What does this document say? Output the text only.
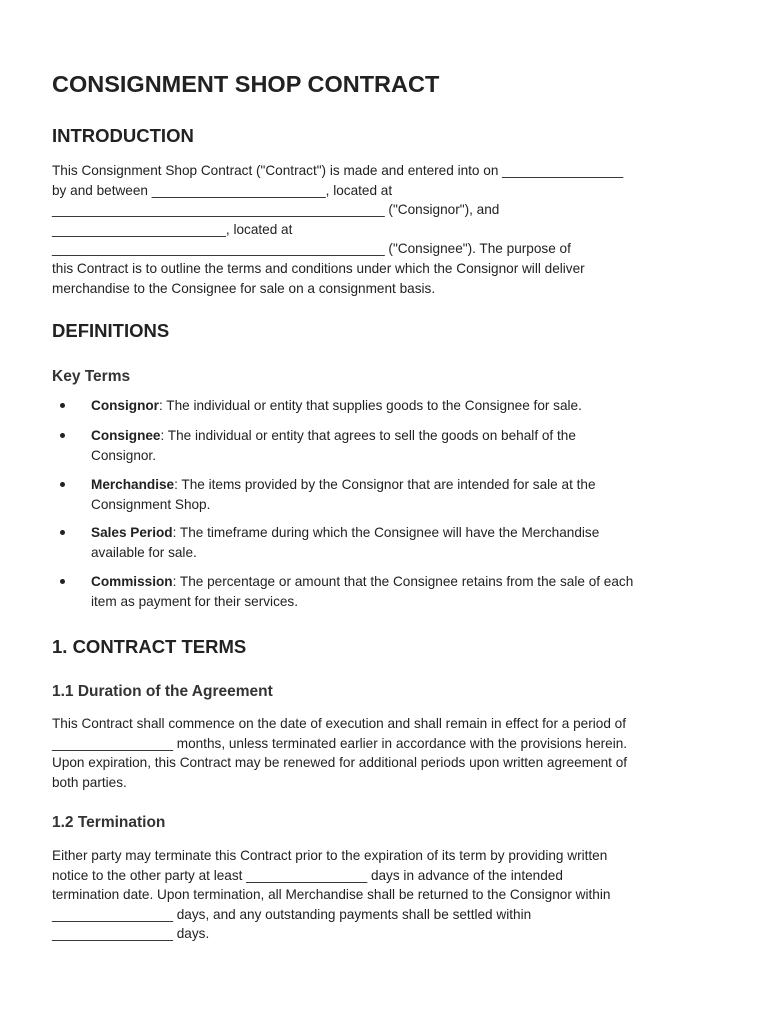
CONSIGNMENT SHOP CONTRACT
INTRODUCTION
This Consignment Shop Contract ("Contract") is made and entered into on ________________
by and between _______________________, located at
____________________________________________ ("Consignor"), and
_______________________, located at
____________________________________________ ("Consignee"). The purpose of
this Contract is to outline the terms and conditions under which the Consignor will deliver
merchandise to the Consignee for sale on a consignment basis.
DEFINITIONS
Key Terms
Consignor: The individual or entity that supplies goods to the Consignee for sale.
Consignee: The individual or entity that agrees to sell the goods on behalf of the
Consignor.
Merchandise: The items provided by the Consignor that are intended for sale at the
Consignment Shop.
Sales Period: The timeframe during which the Consignee will have the Merchandise
available for sale.
Commission: The percentage or amount that the Consignee retains from the sale of each
item as payment for their services.
1. CONTRACT TERMS
1.1 Duration of the Agreement
This Contract shall commence on the date of execution and shall remain in effect for a period of
________________ months, unless terminated earlier in accordance with the provisions herein.
Upon expiration, this Contract may be renewed for additional periods upon written agreement of
both parties.
1.2 Termination
Either party may terminate this Contract prior to the expiration of its term by providing written
notice to the other party at least ________________ days in advance of the intended
termination date. Upon termination, all Merchandise shall be returned to the Consignor within
________________ days, and any outstanding payments shall be settled within
________________ days.
